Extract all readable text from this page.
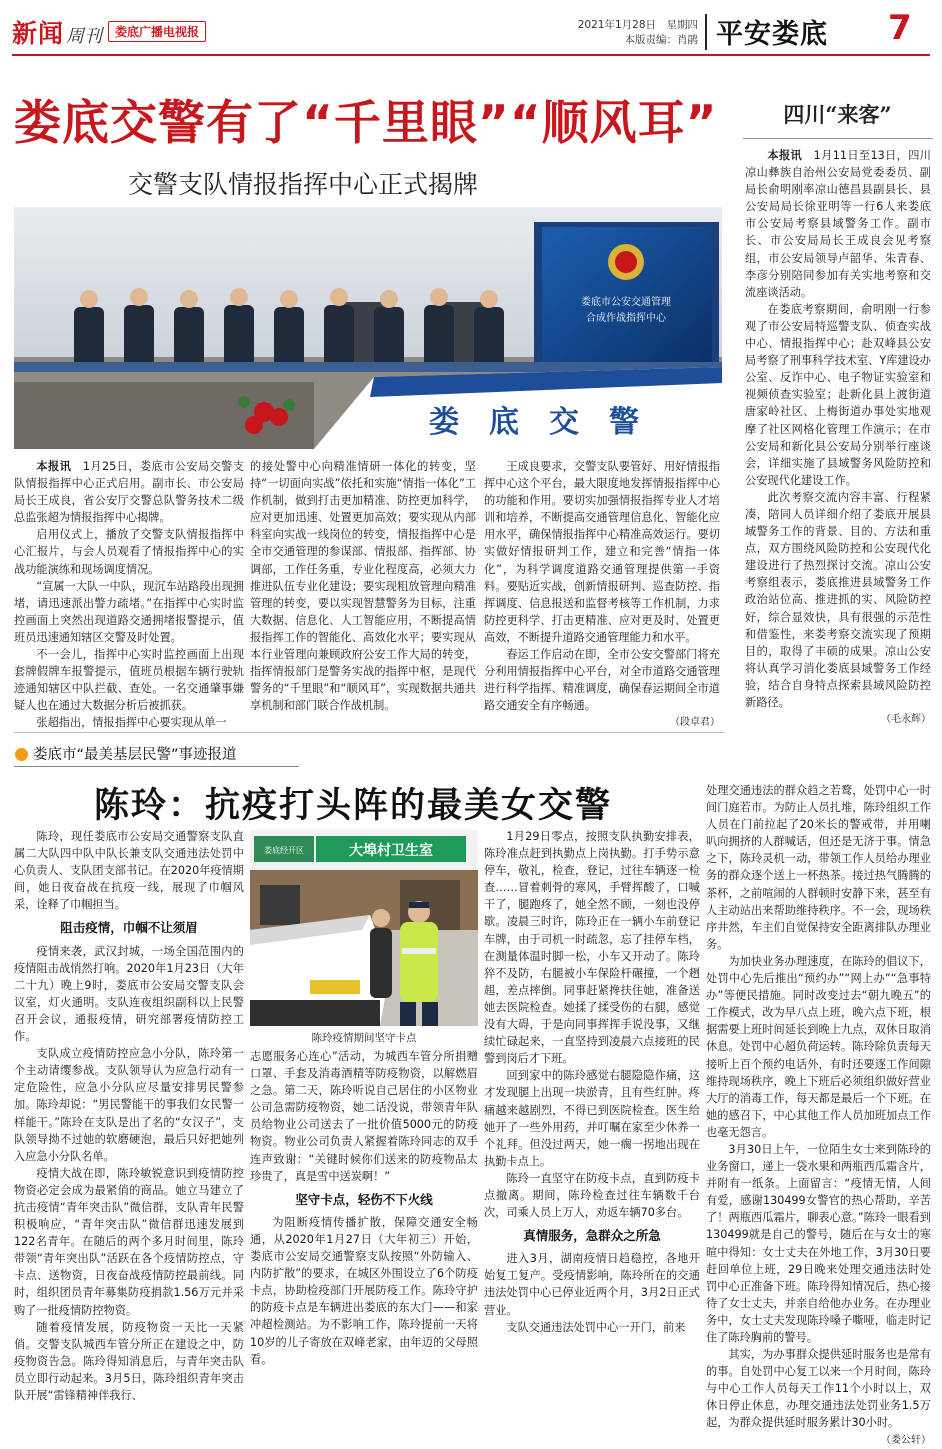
新闻 周刊 娄底广播电视报	2021年1月28日　星期四
本版责编：肖鹃 平安娄底 7
娄底交警有了“千里眼”“顺风耳”
交警支队情报指挥中心正式揭牌
娄底市公安交通管理
合成作战指挥中心
娄　底　交　警

本报讯　1月25日，娄底市公安局交警支队情报指挥中心正式启用。副市长、市公安局局长王成良，省公安厅交警总队警务技术二级总监张超为情报指挥中心揭牌。

启用仪式上，播放了交警支队情报指挥中心汇报片，与会人员观看了情报指挥中心的实战功能演练和现场调度情况。

“宣属一大队一中队，现沉车站路段出现拥堵，请迅速派出警力疏堵。”在指挥中心实时监控画面上突然出现道路交通拥堵报警提示，值班员迅速通知辖区交警及时处置。

不一会儿，指挥中心实时监控画面上出现套牌假牌车报警提示，值班员根据车辆行驶轨迹通知辖区中队拦截、查处。一名交通肇事嫌疑人也在通过大数据分析后被抓获。

张超指出，情报指挥中心要实现从单一

的接处警中心向精准情研一体化的转变，坚持“一切面向实战”依托和实施“情指一体化”工作机制，做到打击更加精准、防控更加科学，应对更加迅速、处置更加高效；要实现从内部科室向实战一线岗位的转变，情报指挥中心是全市交通管理的参谋部、情报部、指挥部、协调部，工作任务重，专业化程度高，必须大力推进队伍专业化建设；要实现粗放管理向精准管理的转变，要以实现智慧警务为目标，注重大数据、信息化、人工智能应用，不断提高情报指挥工作的智能化、高效化水平；要实现从本行业管理向兼顾政府公安工作大局的转变，指挥情报部门是警务实战的指挥中枢，是现代警务的“千里眼”和“顺风耳”，实现数据共通共享机制和部门联合作战机制。

王成良要求，交警支队要管好、用好情报指挥中心这个平台，最大限度地发挥情报指挥中心的功能和作用。要切实加强情报指挥专业人才培训和培养，不断提高交通管理信息化、智能化应用水平，确保情报指挥中心精准高效运行。要切实做好情报研判工作，建立和完善“情指一体化”，为科学调度道路交通管理提供第一手资料。要贴近实战，创新情报研判、巡查防控、指挥调度、信息报送和监督考核等工作机制，力求防控更科学、打击更精准、应对更及时、处置更高效，不断提升道路交通管理能力和水平。

春运工作启动在即，全市公安交警部门将充分利用情报指挥中心平台，对全市道路交通管理进行科学指挥、精准调度，确保春运期间全市道路交通安全有序畅通。

（段卓君）

四川“来客”

本报讯　1月11日至13日，四川凉山彝族自治州公安局党委委员、副局长俞明刚率凉山德昌县副县长、县公安局局长徐亚明等一行6人来娄底市公安局考察县域警务工作。副市长、市公安局局长王成良会见考察组，市公安局领导卢韶华、朱青春、李彦分别陪同参加有关实地考察和交流座谈活动。

在娄底考察期间，俞明刚一行参观了市公安局特巡警支队、侦查实战中心、情报指挥中心；赴双峰县公安局考察了刑事科学技术室、Y库建设办公室、反诈中心、电子物证实验室和视频侦查实验室；赴新化县上渡街道唐家岭社区、上梅街道办事处实地观摩了社区网格化管理工作演示；在市公安局和新化县公安局分别举行座谈会，详细实施了县域警务风险防控和公安现代化建设工作。

此次考察交流内容丰富、行程紧凑，陪同人员详细介绍了娄底开展县域警务工作的背景、目的、方法和重点，双方围绕风险防控和公安现代化建设进行了热烈探讨交流。凉山公安考察组表示，娄底推进县域警务工作政治站位高、推进抓的实、风险防控好，综合显效快，具有很强的示范性和借鉴性，来娄考察交流实现了预期目的，取得了丰硕的成果。凉山公安将认真学习消化娄底县域警务工作经验，结合自身特点探索县域风险防控新路径。

（毛永辉）

娄底市“最美基层民警”事迹报道
陈玲：抗疫打头阵的最美女交警
娄底经开区	大埠村卫生室
陈玲疫情期间坚守卡点

陈玲，现任娄底市公安局交通警察支队直属二大队四中队中队长兼支队交通违法处罚中心负责人、支队团支部书记。在2020年疫情期间，她日夜奋战在抗疫一线，展现了巾帼风采，诠释了巾帼担当。

阻击疫情，巾帼不让须眉

疫情来袭，武汉封城，一场全国范围内的疫情阻击战悄然打响。2020年1月23日（大年二十九）晚上9时，娄底市公安局交警支队会议室，灯火通明。支队连夜组织副科以上民警召开会议，通报疫情，研究部署疫情防控工作。

支队成立疫情防控应急小分队，陈玲第一个主动请缨参战。支队领导认为应急行动有一定危险性，应急小分队应尽量安排男民警参加。陈玲却说：“男民警能干的事我们女民警一样能干。”陈玲在支队是出了名的“女汉子”，支队领导拗不过她的软磨硬泡，最后只好把她列入应急小分队名单。

疫情大战在即，陈玲敏锐意识到疫情防控物资必定会成为最紧俏的商品。她立马建立了抗击疫情“青年突击队”微信群，支队青年民警积极响应，“青年突击队”微信群迅速发展到122名青年。在随后的两个多月时间里，陈玲带领“青年突出队”活跃在各个疫情防控点，守卡点、送物资，日夜奋战疫情防控最前线。同时，组织团员青年募集防疫捐款1.56万元并采购了一批疫情防控物资。

随着疫情发展，防疫物资一天比一天紧俏。交警支队城西车管分所正在建设之中，防疫物资告急。陈玲得知消息后，与青年突击队员立即行动起来。3月5日，陈玲组织青年突击队开展“雷锋精神伴我行、

志愿服务心连心”活动，为城西车管分所捐赠口罩、手套及消毒酒精等防疫物资，以解燃眉之急。第二天，陈玲听说自己居住的小区物业公司急需防疫物资，她二话没说，带领青年队员给物业公司送去了一批价值5000元的防疫物资。物业公司负责人紧握着陈玲同志的双手连声致谢：“关键时候你们送来的防疫物品太珍贵了，真是雪中送炭啊！”

坚守卡点，轻伤不下火线

为阻断疫情传播扩散，保障交通安全畅通，从2020年1月27日（大年初三）开始，娄底市公安局交通警察支队按照“外防输入、内防扩散”的要求，在城区外围设立了6个防疫卡点，协助检疫部门开展防疫工作。陈玲守护的防疫卡点是车辆进出娄底的东大门——和家冲超检测站。为不影响工作，陈玲提前一天将10岁的儿子寄放在双峰老家，由年迈的父母照看。

1月29日零点，按照支队执勤安排表，陈玲准点赶到执勤点上岗执勤。打手势示意停车，敬礼，检查，登记，过往车辆逐一检查……冒着刺骨的寒风，手臂挥酸了，口喊干了，腿跑疼了，她全然不顾，一刻也没停歇。凌晨三时许，陈玲正在一辆小车前登记车牌，由于司机一时疏忽，忘了挂停车档，在测量体温时脚一松，小车又开动了。陈玲猝不及防，右腿被小车保险杆碾撞，一个趔趄，差点摔倒。同事赶紧搀扶住她，准备送她去医院检查。她揉了揉受伤的右腿，感觉没有大碍，于是向同事挥挥手说没事，又继续忙碌起来，一直坚持到凌晨六点接班的民警到岗后才下班。

回到家中的陈玲感觉右腿隐隐作痛，这才发现腿上出现一块淤青，且有些红肿。疼痛越来越剧烈，不得已到医院检查。医生给她开了一些外用药，并叮嘱在家至少休养一个礼拜。但没过两天，她一瘸一拐地出现在执勤卡点上。

陈玲一直坚守在防疫卡点，直到防疫卡点撤离。期间，陈玲检查过往车辆数千台次，司乘人员上万人，劝返车辆70多台。

真情服务，急群众之所急

进入3月，湖南疫情日趋稳控，各地开始复工复产。受疫情影响，陈玲所在的交通违法处罚中心已停业近两个月，3月2日正式营业。

支队交通违法处罚中心一开门，前来

处理交通违法的群众趋之若鹜，处罚中心一时间门庭若市。为防止人员扎堆，陈玲组织工作人员在门前拉起了20米长的警戒带，并用喇叭向拥挤的人群喊话，但还是无济于事。情急之下，陈玲灵机一动，带领工作人员给办理业务的群众逐个送上一杯热茶。接过热气腾腾的茶杯，之前喧闹的人群顿时安静下来，甚至有人主动站出来帮助维持秩序。不一会，现场秩序井然，车主们自觉保持安全距离排队办理业务。

为加快业务办理速度，在陈玲的倡议下，处罚中心先后推出“预约办”“网上办”“急事特办”等便民措施。同时改变过去“朝九晚五”的工作模式，改为早八点上班，晚六点下班，根据需要上班时间延长到晚上九点，双休日取消休息。处罚中心超负荷运转。陈玲除负责每天接听上百个预约电话外，有时还要逐工作间隙维持现场秩序，晚上下班后必须组织做好营业大厅的消毒工作，每天都是最后一个下班。在她的感召下，中心其他工作人员加班加点工作也毫无怨言。

3月30日上午，一位陌生女士来到陈玲的业务窗口，递上一袋水果和两瓶西瓜霜含片，并附有一纸条。上面留言：“疫情无情，人间有爱，感谢130499女警官的热心帮助，辛苦了！两瓶西瓜霜片，聊表心意。”陈玲一眼看到130499就是自己的警号，随后在与女士的寒暄中得知：女士丈夫在外地工作，3月30日要赶回单位上班，29日晚来处理交通违法时处罚中心正准备下班。陈玲得知情况后，热心接待了女士丈夫，并亲自给他办业务。在办理业务中，女士丈夫发现陈玲嗓子嘶哑，临走时记住了陈玲胸前的警号。

其实，为办事群众提供延时服务也是常有的事。自处罚中心复工以来一个月时间，陈玲与中心工作人员每天工作11个小时以上，双休日停止休息，办理交通违法处罚业务1.5万起，为群众提供延时服务累计30小时。

（娄公轩）
